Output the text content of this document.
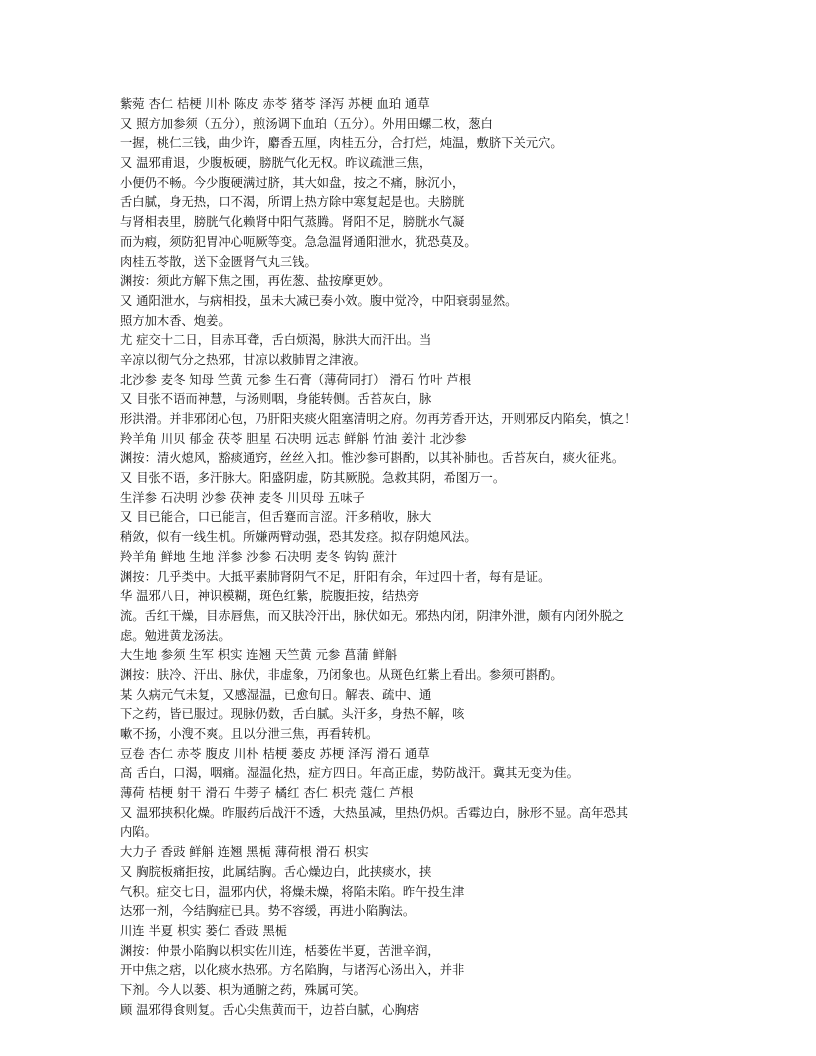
紫菀 杏仁 桔梗 川朴 陈皮 赤苓 猪苓 泽泻 苏梗 血珀 通草
又 照方加参须（五分），煎汤调下血珀（五分）。外用田螺二枚，葱白
一握，桃仁三钱，曲少许，麝香五厘，肉桂五分，合打烂，炖温，敷脐下关元穴。
又 温邪甫退，少腹板硬，膀胱气化无权。昨议疏泄三焦，
小便仍不畅。今少腹硬满过脐，其大如盘，按之不痛，脉沉小，
舌白腻，身无热，口不渴，所谓上热方除中寒复起是也。夫膀胱
与肾相表里，膀胱气化赖肾中阳气蒸腾。肾阳不足，膀胱水气凝
而为瘕，须防犯胃冲心呃厥等变。急急温肾通阳泄水，犹恐莫及。
肉桂五苓散，送下金匮肾气丸三钱。
渊按：须此方解下焦之围，再佐葱、盐按摩更妙。
又 通阳泄水，与病相投，虽未大减已奏小效。腹中觉冷，中阳衰弱显然。
照方加木香、炮姜。
尤 症交十二日，目赤耳聋，舌白烦渴，脉洪大而汗出。当
辛凉以彻气分之热邪，甘凉以救肺胃之津液。
北沙参 麦冬 知母 竺黄 元参 生石膏（薄荷同打） 滑石 竹叶 芦根
又 目张不语而神慧，与汤则咽，身能转侧。舌苔灰白，脉
形洪滑。并非邪闭心包，乃肝阳夹痰火阻塞清明之府。勿再芳香开达，开则邪反内陷矣，慎之！
羚羊角 川贝 郁金 茯苓 胆星 石决明 远志 鲜斛 竹油 姜汁 北沙参
渊按：清火熄风，豁痰通窍，丝丝入扣。惟沙参可斟酌，以其补肺也。舌苔灰白，痰火征兆。
又 目张不语，多汗脉大。阳盛阴虚，防其厥脱。急救其阴，希图万一。
生洋参 石决明 沙参 茯神 麦冬 川贝母 五味子
又 目已能合，口已能言，但舌蹇而言涩。汗多稍收，脉大
稍敛，似有一线生机。所嫌两臂动强，恐其发痉。拟存阴熄风法。
羚羊角 鲜地 生地 洋参 沙参 石决明 麦冬 钩钩 蔗汁
渊按：几乎类中。大抵平素肺肾阴气不足，肝阳有余，年过四十者，每有是证。
华 温邪八日，神识模糊，斑色红紫，脘腹拒按，结热旁
流。舌红干燥，目赤唇焦，而又肤冷汗出，脉伏如无。邪热内闭，阴津外泄，颇有内闭外脱之
虑。勉进黄龙汤法。
大生地 参须 生军 枳实 连翘 天竺黄 元参 菖蒲 鲜斛
渊按：肤冷、汗出、脉伏，非虚象，乃闭象也。从斑色红紫上看出。参须可斟酌。
某 久病元气未复，又感湿温，已愈旬日。解表、疏中、通
下之药，皆已服过。现脉仍数，舌白腻。头汗多，身热不解，咳
嗽不扬，小溲不爽。且以分泄三焦，再看转机。
豆卷 杏仁 赤苓 腹皮 川朴 桔梗 蒌皮 苏梗 泽泻 滑石 通草
高 舌白，口渴，咽痛。湿温化热，症方四日。年高正虚，势防战汗。冀其无变为佳。
薄荷 桔梗 射干 滑石 牛蒡子 橘红 杏仁 枳壳 蔻仁 芦根
又 温邪挟积化燥。昨服药后战汗不透，大热虽减，里热仍炽。舌霉边白，脉形不显。高年恐其
内陷。
大力子 香豉 鲜斛 连翘 黑栀 薄荷根 滑石 枳实
又 胸脘板痛拒按，此属结胸。舌心燥边白，此挟痰水，挟
气积。症交七日，温邪内伏，将燥未燥，将陷未陷。昨午投生津
达邪一剂，今结胸症已具。势不容缓，再进小陷胸法。
川连 半夏 枳实 蒌仁 香豉 黑栀
渊按：仲景小陷胸以枳实佐川连，栝蒌佐半夏，苦泄辛润，
开中焦之痞，以化痰水热邪。方名陷胸，与诸泻心汤出入，并非
下剂。今人以蒌、枳为通腑之药，殊属可笑。
顾 温邪得食则复。舌心尖焦黄而干，边苔白腻，心胸痞
